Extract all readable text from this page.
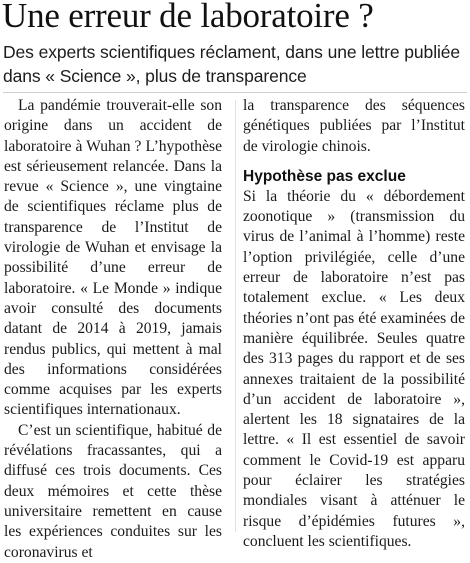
Une erreur de laboratoire ?

Des experts scientifiques réclament, dans une lettre publiée dans « Science », plus de transparence

La pandémie trouverait-elle son origine dans un accident de laboratoire à Wuhan ? L’hypothèse est sérieusement relancée. Dans la revue « Science », une vingtaine de scientifiques réclame plus de transparence de l’Institut de virologie de Wuhan et envisage la possibilité d’une erreur de laboratoire. « Le Monde » indique avoir consulté des documents datant de 2014 à 2019, jamais rendus publics, qui mettent à mal des informations considérées comme acquises par les experts scientifiques internationaux.

C’est un scientifique, habitué de révélations fracassantes, qui a diffusé ces trois documents. Ces deux mémoires et cette thèse universitaire remettent en cause les expériences conduites sur les coronavirus et

la transparence des séquences génétiques publiées par l’Institut de virologie chinois.

Hypothèse pas exclue

Si la théorie du « débordement zoonotique » (transmission du virus de l’animal à l’homme) reste l’option privilégiée, celle d’une erreur de laboratoire n’est pas totalement exclue. « Les deux théories n’ont pas été examinées de manière équilibrée. Seules quatre des 313 pages du rapport et de ses annexes traitaient de la possibilité d’un accident de laboratoire », alertent les 18 signataires de la lettre. « Il est essentiel de savoir comment le Covid-19 est apparu pour éclairer les stratégies mondiales visant à atténuer le risque d’épidémies futures », concluent les scientifiques.
